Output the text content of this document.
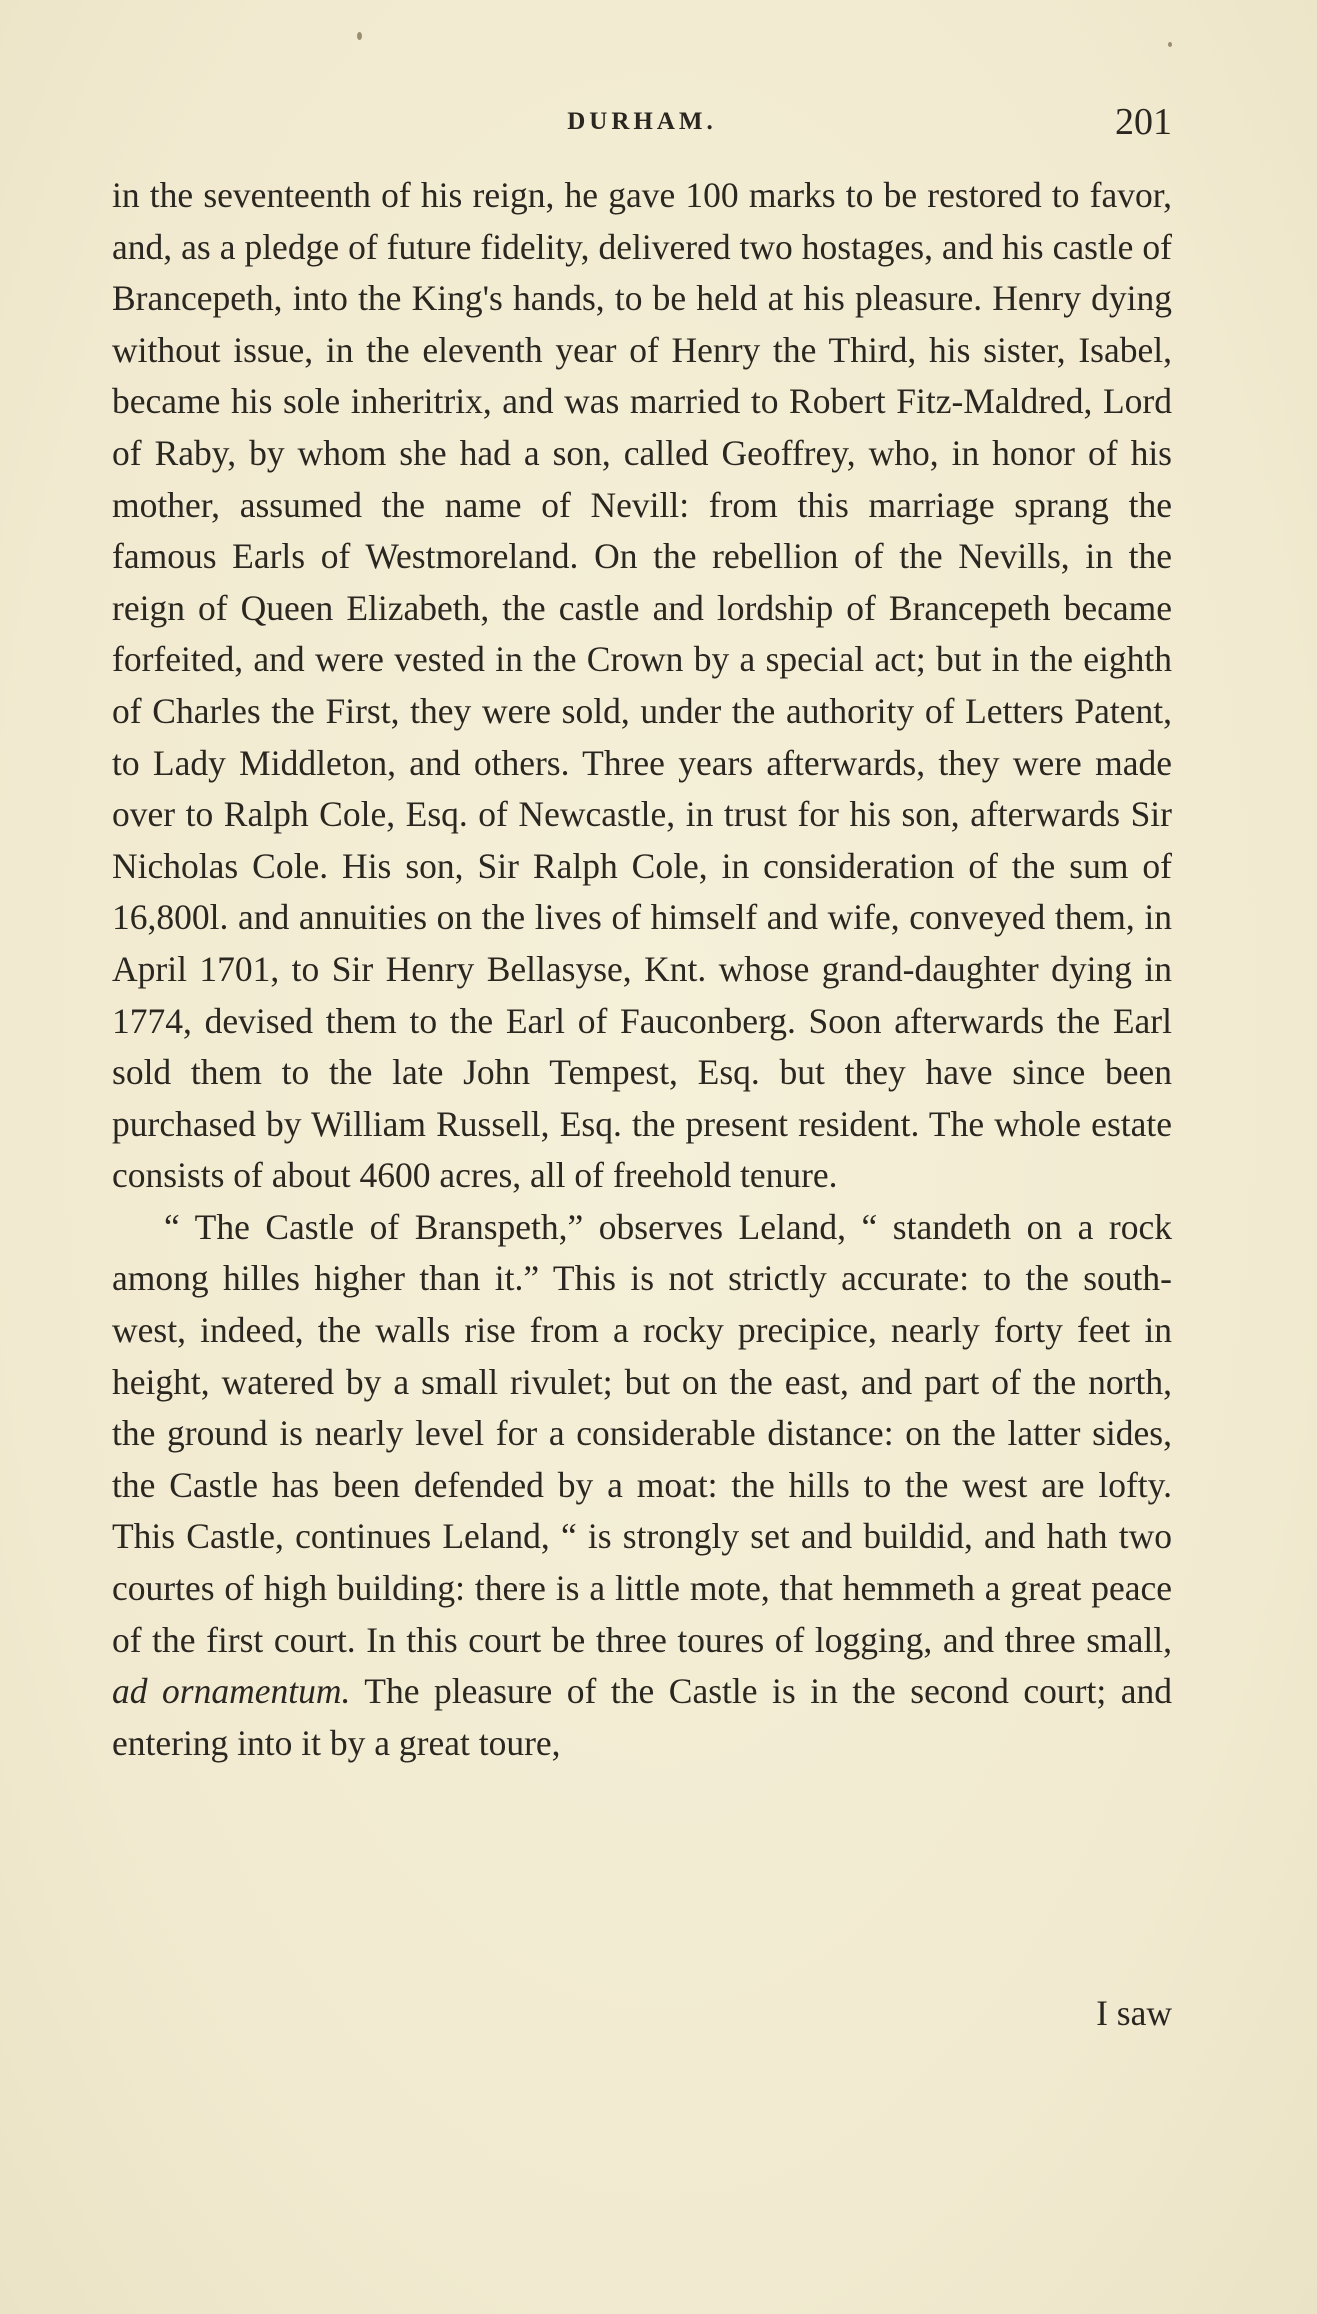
DURHAM.	201

in the seventeenth of his reign, he gave 100 marks to be restored to favor, and, as a pledge of future fidelity, delivered two hostages, and his castle of Brancepeth, into the King's hands, to be held at his pleasure. Henry dying without issue, in the eleventh year of Henry the Third, his sister, Isabel, became his sole inheritrix, and was married to Robert Fitz-Maldred, Lord of Raby, by whom she had a son, called Geoffrey, who, in honor of his mother, assumed the name of Nevill: from this marriage sprang the famous Earls of Westmoreland. On the rebellion of the Nevills, in the reign of Queen Elizabeth, the castle and lordship of Brancepeth became forfeited, and were vested in the Crown by a special act; but in the eighth of Charles the First, they were sold, under the authority of Letters Patent, to Lady Middleton, and others. Three years afterwards, they were made over to Ralph Cole, Esq. of Newcastle, in trust for his son, afterwards Sir Nicholas Cole. His son, Sir Ralph Cole, in consideration of the sum of 16,800l. and annuities on the lives of himself and wife, conveyed them, in April 1701, to Sir Henry Bellasyse, Knt. whose grand-daughter dying in 1774, devised them to the Earl of Fauconberg. Soon afterwards the Earl sold them to the late John Tempest, Esq. but they have since been purchased by William Russell, Esq. the present resident. The whole estate consists of about 4600 acres, all of freehold tenure.

“ The Castle of Branspeth,” observes Leland, “ standeth on a rock among hilles higher than it.” This is not strictly accurate: to the south-west, indeed, the walls rise from a rocky precipice, nearly forty feet in height, watered by a small rivulet; but on the east, and part of the north, the ground is nearly level for a considerable distance: on the latter sides, the Castle has been defended by a moat: the hills to the west are lofty. This Castle, continues Leland, “ is strongly set and buildid, and hath two courtes of high building: there is a little mote, that hemmeth a great peace of the first court. In this court be three toures of logging, and three small, ad ornamentum. The pleasure of the Castle is in the second court; and entering into it by a great toure,

I saw
